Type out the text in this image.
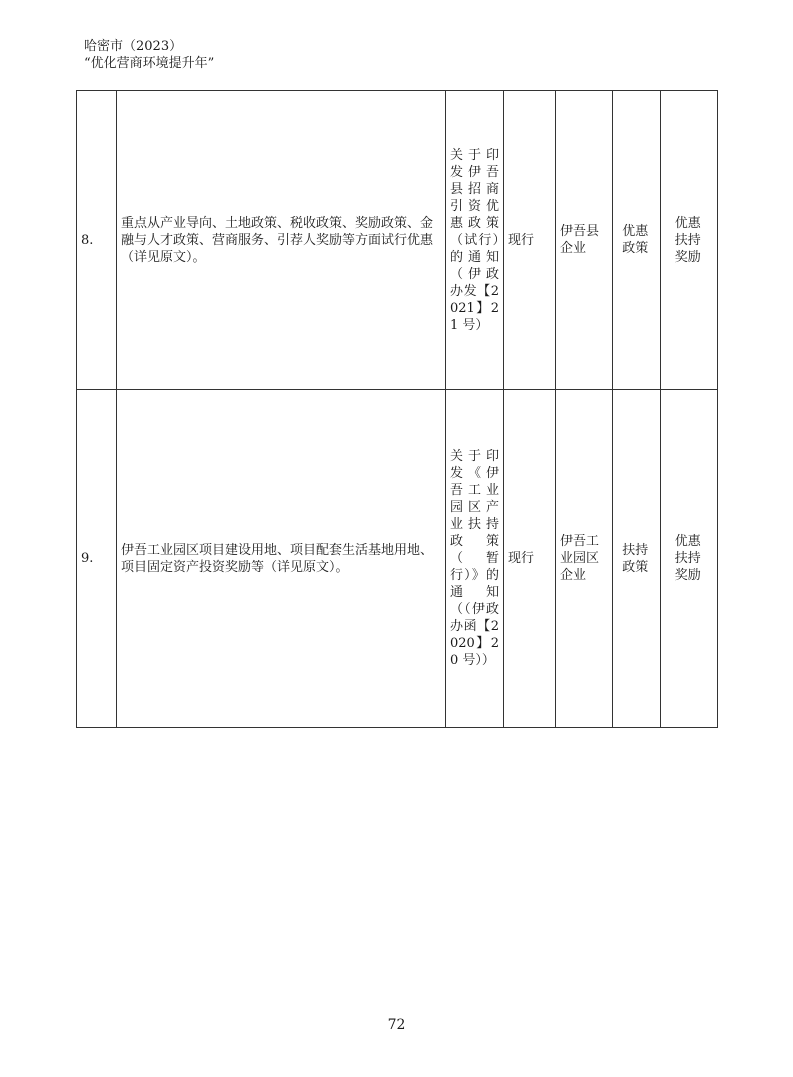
哈密市（2023）
“优化营商环境提升年”
8.	重点从产业导向、土地政策、税收政策、奖励政策、金融与人才政策、营商服务、引荐人奖励等方面试行优惠（详见原文）。	关于印发伊吾县招商引资优惠政策（试行）的通知（伊政办发【2021】21 号）	现行	伊吾县企业	优惠政策	优惠扶持奖励
9.	伊吾工业园区项目建设用地、项目配套生活基地用地、项目固定资产投资奖励等（详见原文）。	关于印发《伊吾工业园区产业扶持政策（暂行）》的通知（（伊政办函【2020】20 号））	现行	伊吾工业园区企业	扶持政策	优惠扶持奖励
72
